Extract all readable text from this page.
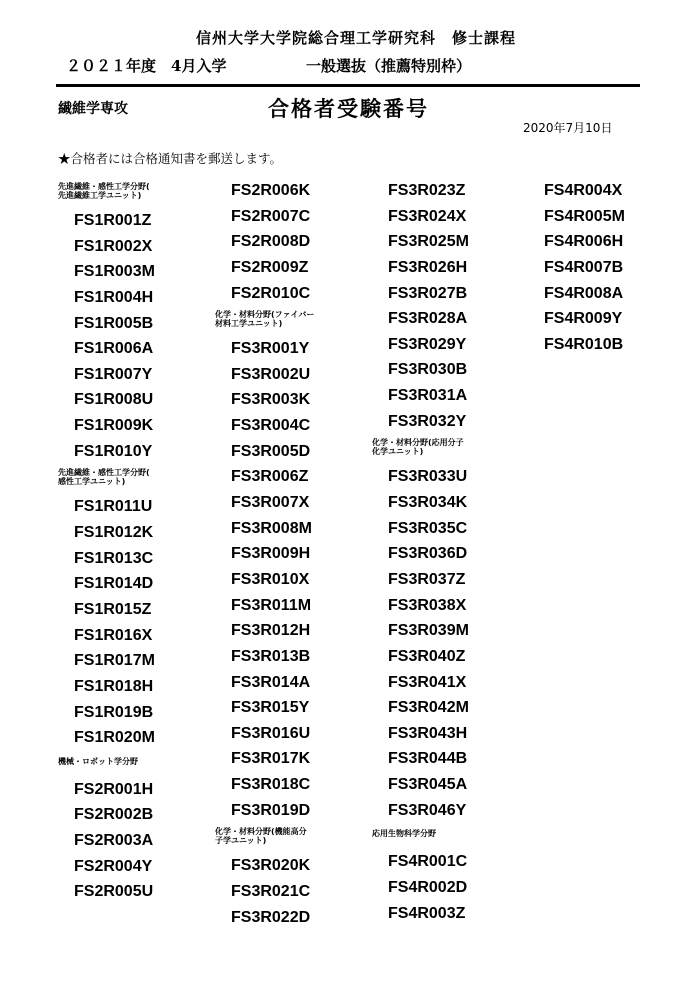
信州大学大学院総合理工学研究科　修士課程
２０２１年度　4月入学	一般選抜（推薦特別枠）
繊維学専攻	合格者受験番号
2020年7月10日
★合格者には合格通知書を郵送します。
先進繊維・感性工学分野(
先進繊維工学ユニット)
FS1R001Z
FS1R002X
FS1R003M
FS1R004H
FS1R005B
FS1R006A
FS1R007Y
FS1R008U
FS1R009K
FS1R010Y
先進繊維・感性工学分野(
感性工学ユニット)
FS1R011U
FS1R012K
FS1R013C
FS1R014D
FS1R015Z
FS1R016X
FS1R017M
FS1R018H
FS1R019B
FS1R020M
機械・ロボット学分野
FS2R001H
FS2R002B
FS2R003A
FS2R004Y
FS2R005U
FS2R006K
FS2R007C
FS2R008D
FS2R009Z
FS2R010C
化学・材料分野(ファイバー
材料工学ユニット)
FS3R001Y
FS3R002U
FS3R003K
FS3R004C
FS3R005D
FS3R006Z
FS3R007X
FS3R008M
FS3R009H
FS3R010X
FS3R011M
FS3R012H
FS3R013B
FS3R014A
FS3R015Y
FS3R016U
FS3R017K
FS3R018C
FS3R019D
化学・材料分野(機能高分
子学ユニット)
FS3R020K
FS3R021C
FS3R022D
FS3R023Z
FS3R024X
FS3R025M
FS3R026H
FS3R027B
FS3R028A
FS3R029Y
FS3R030B
FS3R031A
FS3R032Y
化学・材料分野(応用分子
化学ユニット)
FS3R033U
FS3R034K
FS3R035C
FS3R036D
FS3R037Z
FS3R038X
FS3R039M
FS3R040Z
FS3R041X
FS3R042M
FS3R043H
FS3R044B
FS3R045A
FS3R046Y
応用生物科学分野
FS4R001C
FS4R002D
FS4R003Z
FS4R004X
FS4R005M
FS4R006H
FS4R007B
FS4R008A
FS4R009Y
FS4R010B
